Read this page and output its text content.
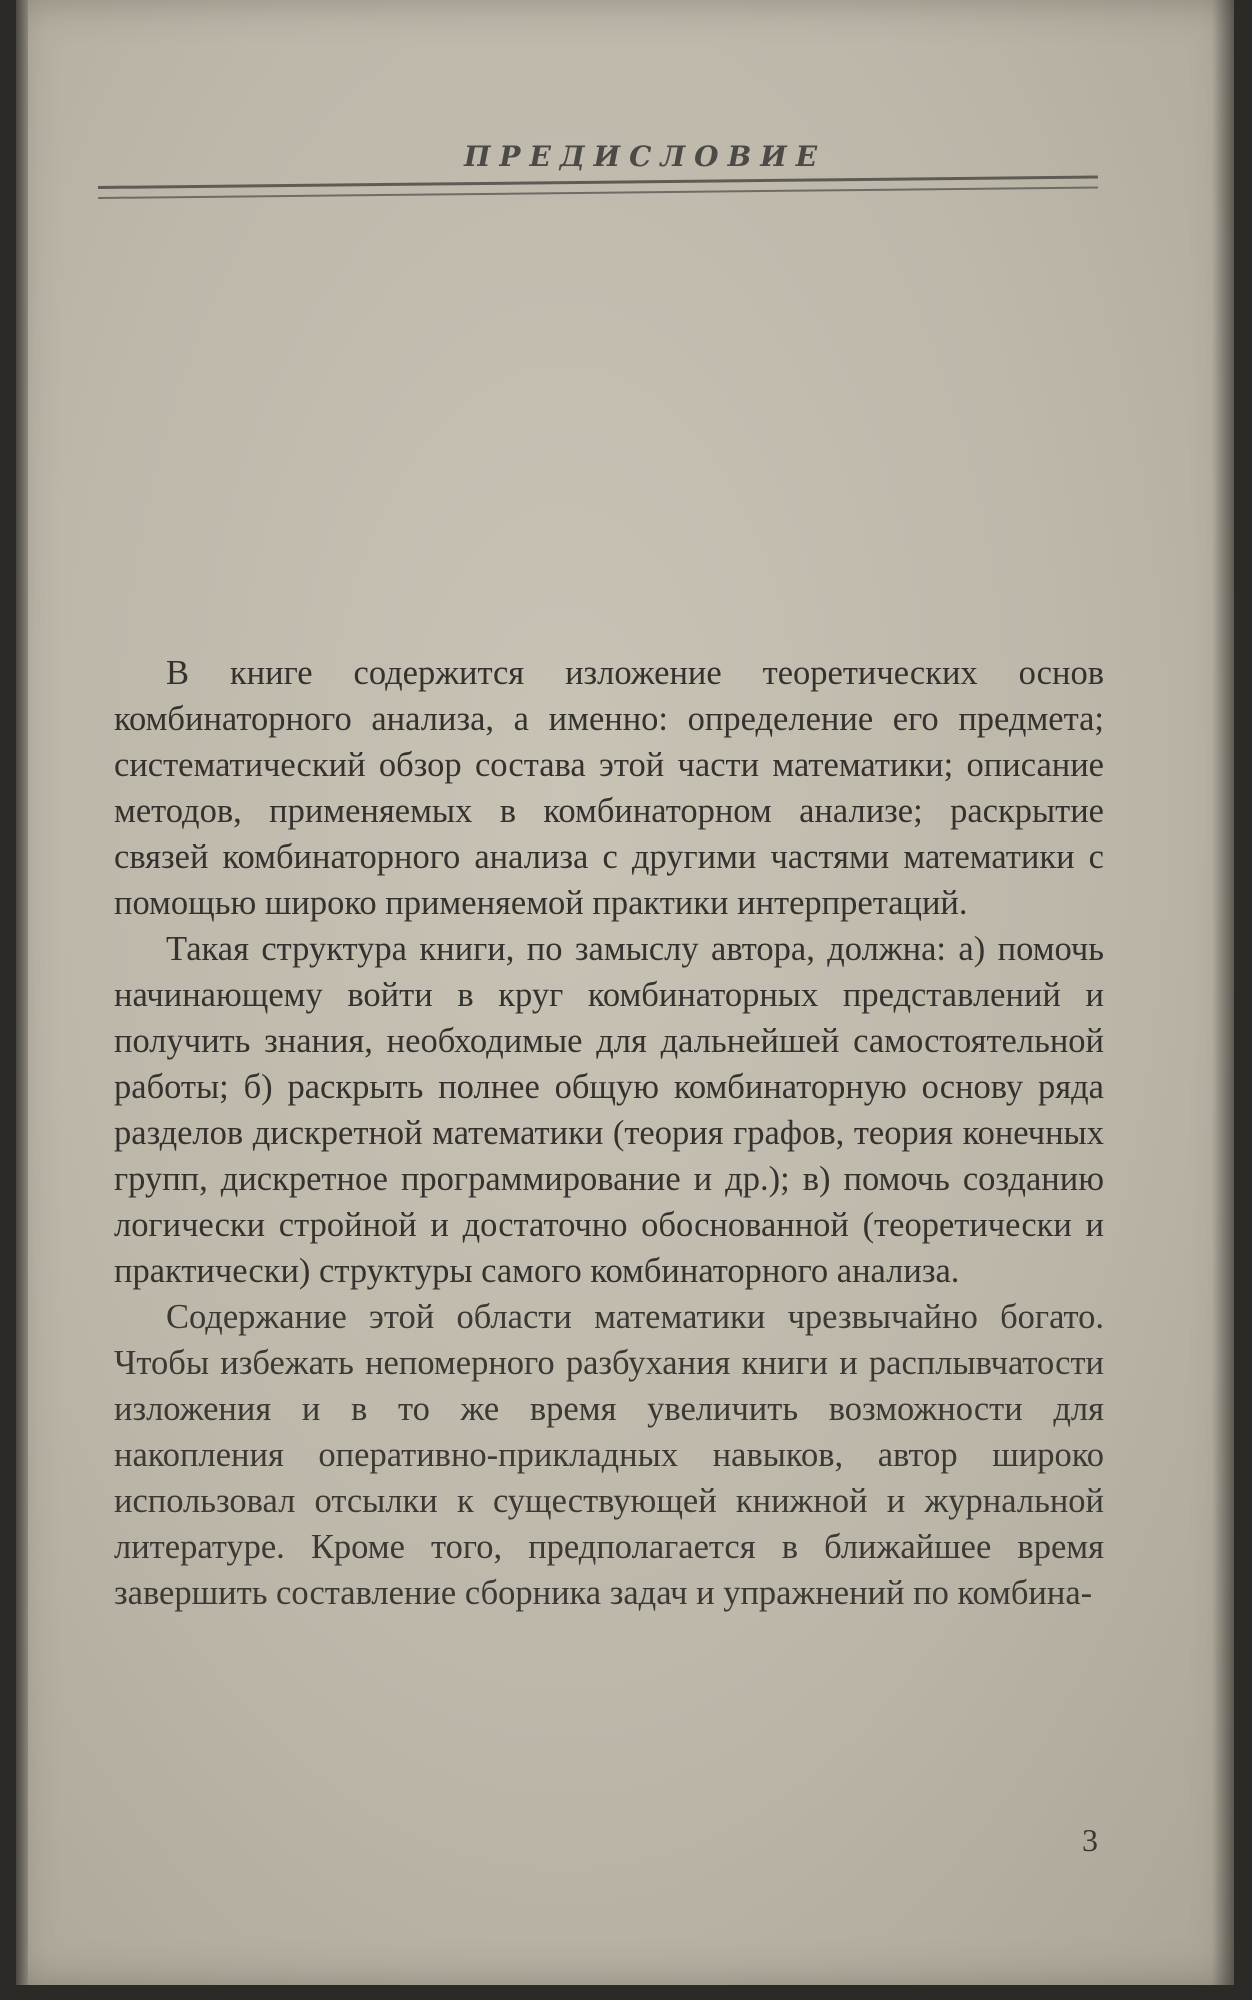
ПРЕДИСЛОВИЕ

В книге содержится изложение теоретических основ комбинаторного анализа, а именно: определение его предмета; систематический обзор состава этой части математики; описание методов, применяемых в комбинаторном анализе; раскрытие связей комбинаторного анализа с другими частями математики с помощью широко применяемой практики интерпретаций.

Такая структура книги, по замыслу автора, должна: а) помочь начинающему войти в круг комбинаторных представлений и получить знания, необходимые для дальнейшей самостоятельной работы; б) раскрыть полнее общую комбинаторную основу ряда разделов дискретной математики (теория графов, теория конечных групп, дискретное программирование и др.); в) помочь созданию логически стройной и достаточно обоснованной (теоретически и практически) структуры самого комбинаторного анализа.

Содержание этой области математики чрезвычайно богато. Чтобы избежать непомерного разбухания книги и расплывчатости изложения и в то же время увеличить возможности для накопления оперативно-прикладных навыков, автор широко использовал отсылки к существующей книжной и журнальной литературе. Кроме того, предполагается в ближайшее время завершить составление сборника задач и упражнений по комбина-

3
